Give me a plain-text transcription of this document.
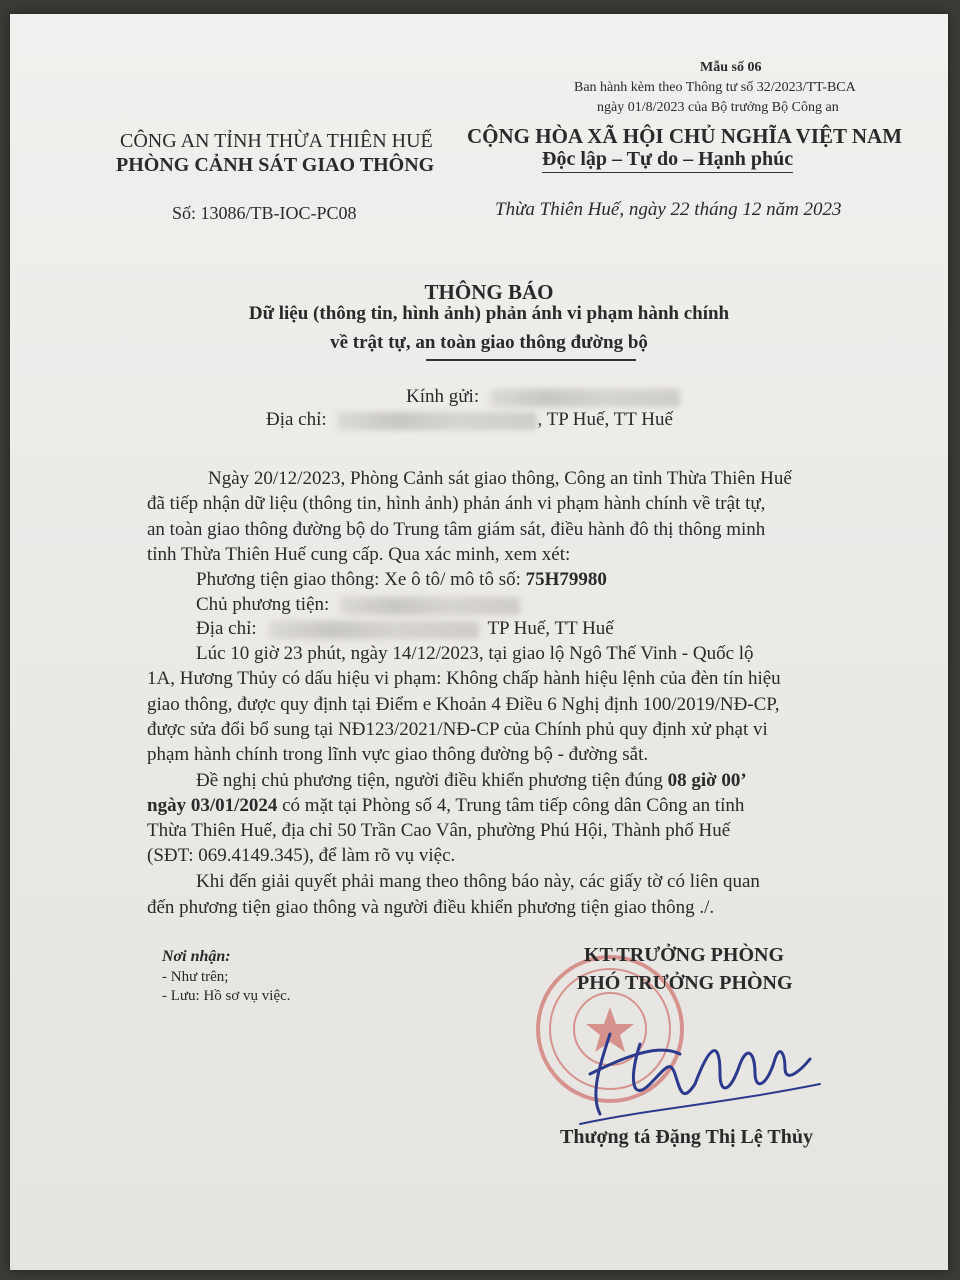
Mẫu số 06
Ban hành kèm theo Thông tư số 32/2023/TT-BCA
ngày 01/8/2023 của Bộ trưởng Bộ Công an
CÔNG AN TỈNH THỪA THIÊN HUẾ
PHÒNG CẢNH SÁT GIAO THÔNG
CỘNG HÒA XÃ HỘI CHỦ NGHĨA VIỆT NAM
Độc lập – Tự do – Hạnh phúc
Số: 13086/TB-IOC-PC08	Thừa Thiên Huế, ngày 22 tháng 12 năm 2023
THÔNG BÁO
Dữ liệu (thông tin, hình ảnh) phản ánh vi phạm hành chính
về trật tự, an toàn giao thông đường bộ
Kính gửi:
Địa chỉ:	, TP Huế, TT Huế
Ngày 20/12/2023, Phòng Cảnh sát giao thông, Công an tỉnh Thừa Thiên Huế
đã tiếp nhận dữ liệu (thông tin, hình ảnh) phản ánh vi phạm hành chính về trật tự,
an toàn giao thông đường bộ do Trung tâm giám sát, điều hành đô thị thông minh
tỉnh Thừa Thiên Huế cung cấp. Qua xác minh, xem xét:
Phương tiện giao thông: Xe ô tô/ mô tô số: 75H79980
Chủ phương tiện:
Địa chỉ:	TP Huế, TT Huế
Lúc 10 giờ 23 phút, ngày 14/12/2023, tại giao lộ Ngô Thế Vinh - Quốc lộ
1A, Hương Thủy có dấu hiệu vi phạm: Không chấp hành hiệu lệnh của đèn tín hiệu
giao thông, được quy định tại Điểm e Khoản 4 Điều 6 Nghị định 100/2019/NĐ-CP,
được sửa đổi bổ sung tại NĐ123/2021/NĐ-CP của Chính phủ quy định xử phạt vi
phạm hành chính trong lĩnh vực giao thông đường bộ - đường sắt.
Đề nghị chủ phương tiện, người điều khiển phương tiện đúng 08 giờ 00’
ngày 03/01/2024 có mặt tại Phòng số 4, Trung tâm tiếp công dân Công an tỉnh
Thừa Thiên Huế, địa chỉ 50 Trần Cao Vân, phường Phú Hội, Thành phố Huế
(SĐT: 069.4149.345), để làm rõ vụ việc.
Khi đến giải quyết phải mang theo thông báo này, các giấy tờ có liên quan
đến phương tiện giao thông và người điều khiển phương tiện giao thông ./.
Nơi nhận:
- Như trên;
- Lưu: Hồ sơ vụ việc.
KT.TRƯỞNG PHÒNG
PHÓ TRƯỞNG PHÒNG
Thượng tá Đặng Thị Lệ Thủy
